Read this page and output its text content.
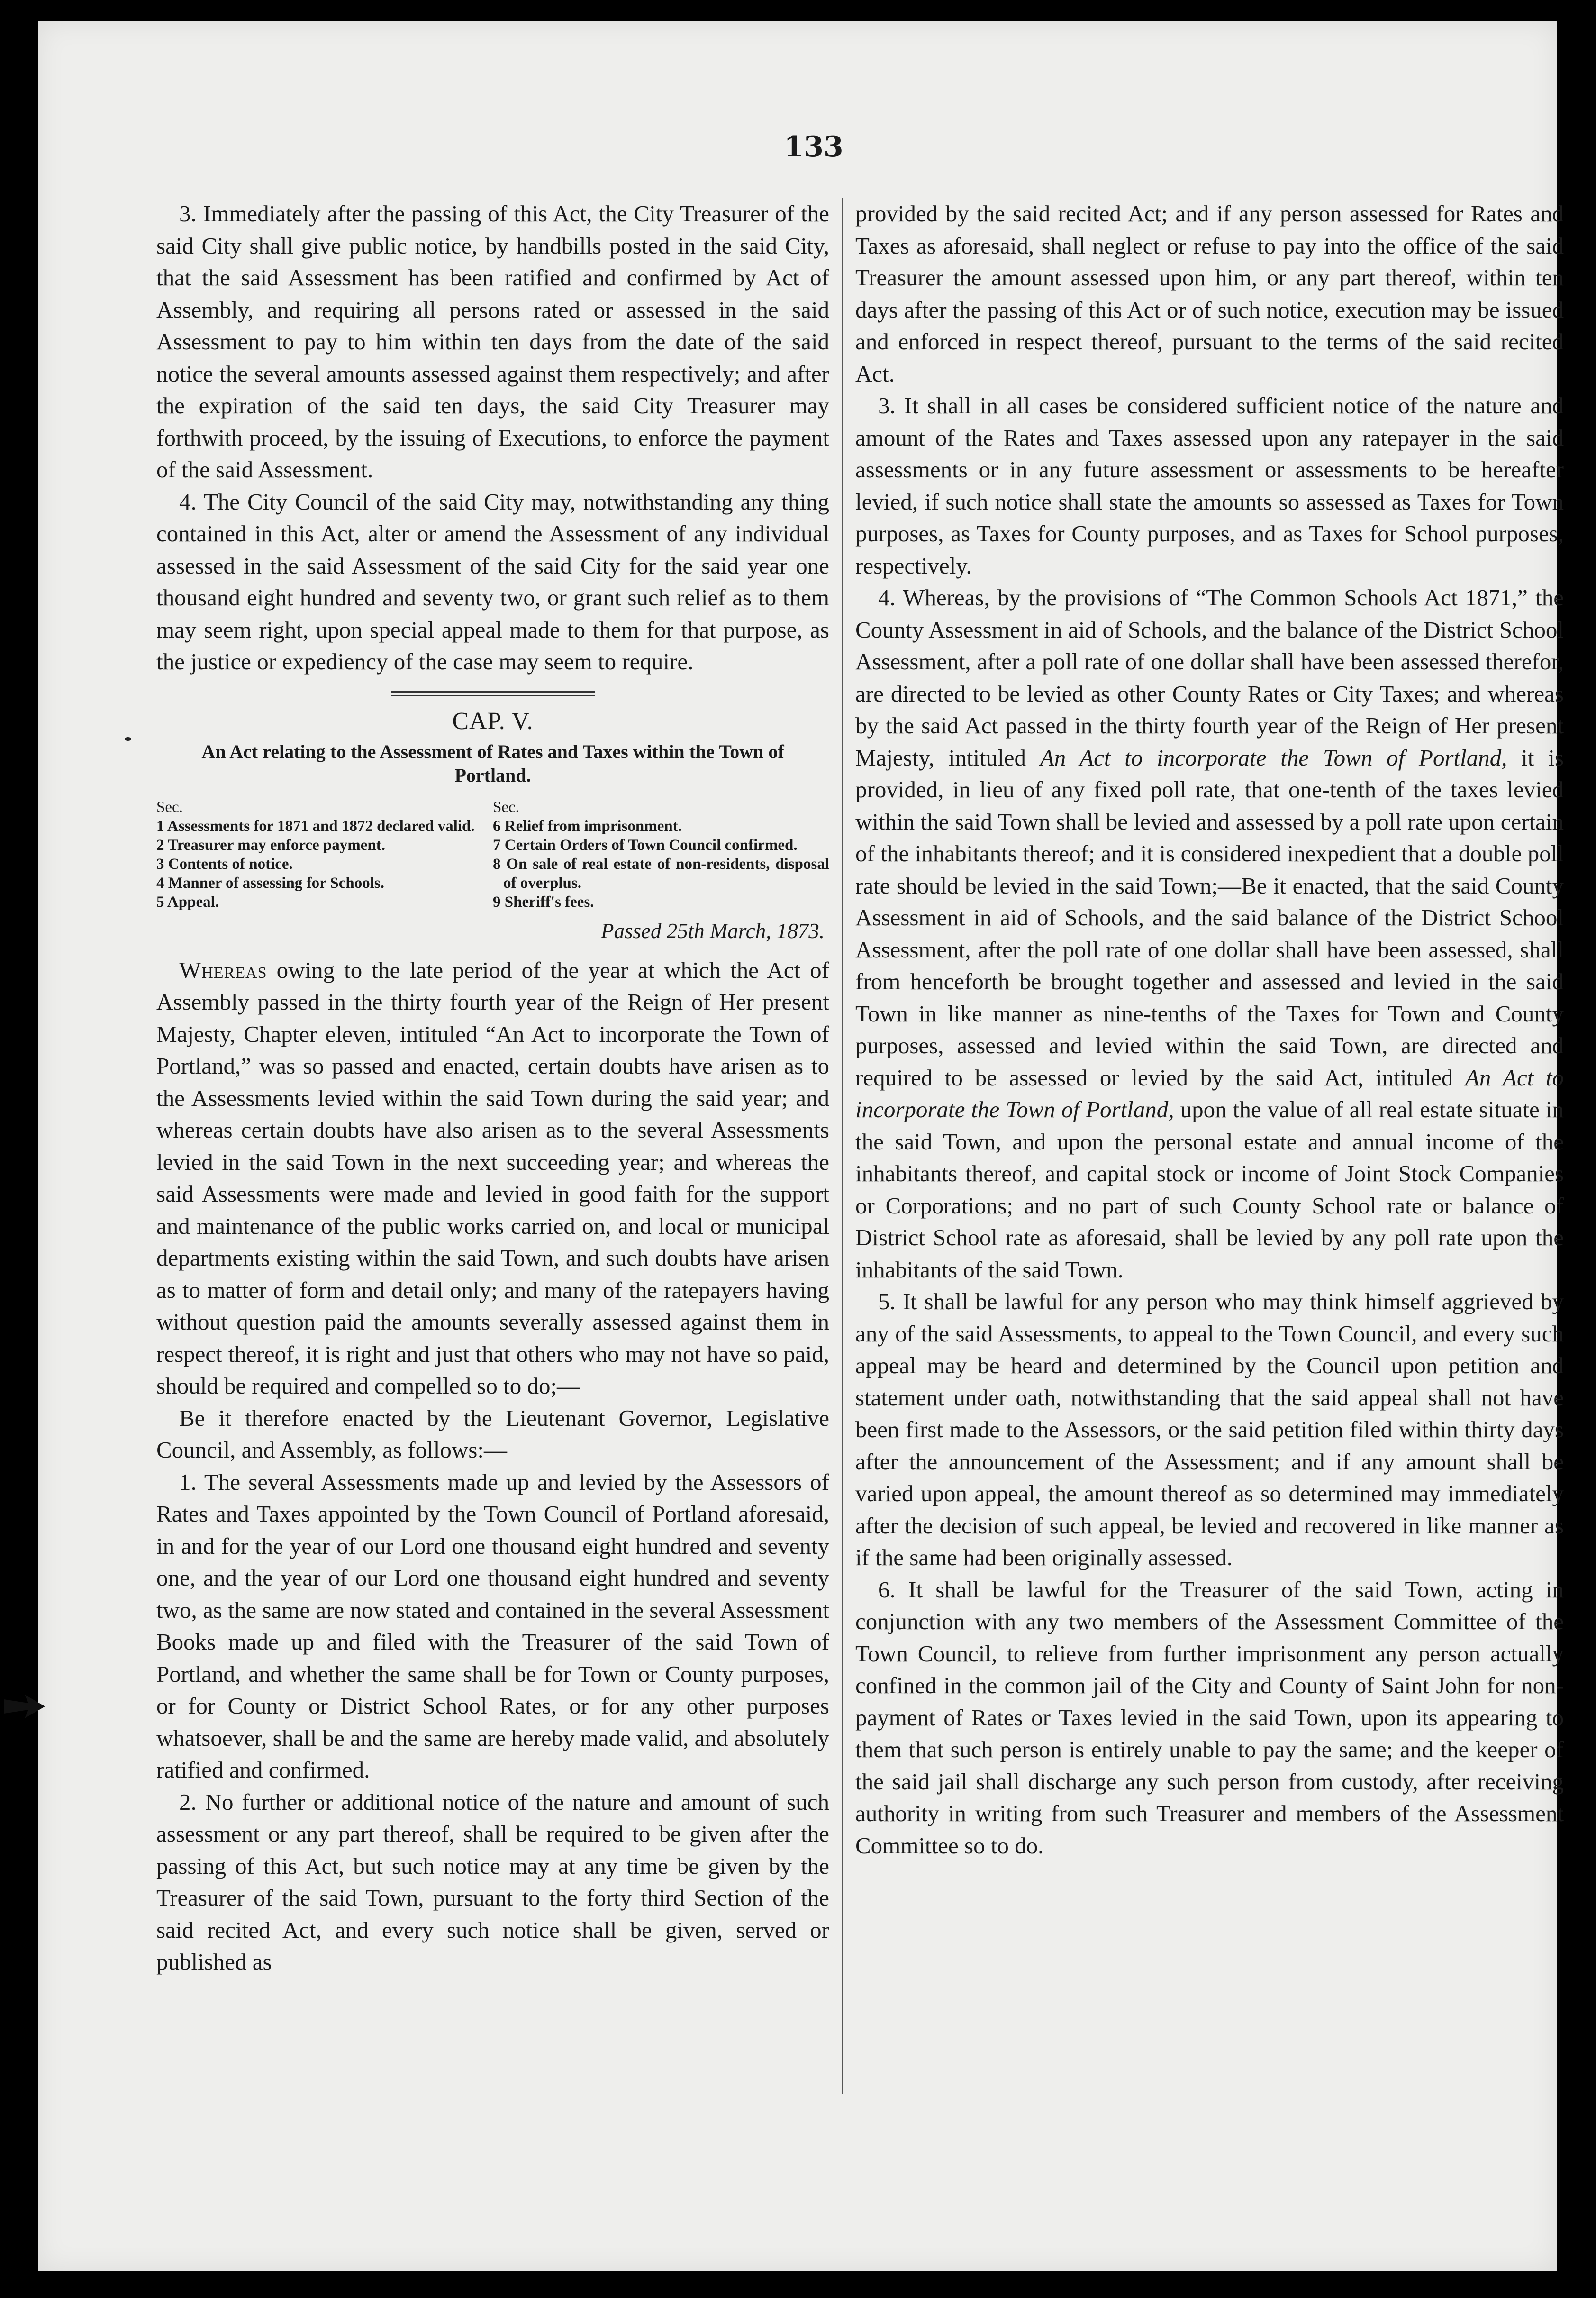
133

3. Immediately after the passing of this Act, the City Treasurer of the said City shall give public notice, by handbills posted in the said City, that the said Assessment has been ratified and confirmed by Act of Assembly, and requiring all persons rated or assessed in the said Assessment to pay to him within ten days from the date of the said notice the several amounts assessed against them respectively; and after the expiration of the said ten days, the said City Treasurer may forthwith proceed, by the issuing of Executions, to enforce the payment of the said Assessment.

4. The City Council of the said City may, notwithstanding any thing contained in this Act, alter or amend the Assessment of any individual assessed in the said Assessment of the said City for the said year one thousand eight hundred and seventy two, or grant such relief as to them may seem right, upon special appeal made to them for that purpose, as the justice or expediency of the case may seem to require.

CAP. V.
An Act relating to the Assessment of Rates and Taxes within the Town of Portland.
Sec.
1 Assessments for 1871 and 1872 declared valid.
2 Treasurer may enforce payment.
3 Contents of notice.
4 Manner of assessing for Schools.
5 Appeal.
Sec.
6 Relief from imprisonment.
7 Certain Orders of Town Council confirmed.
8 On sale of real estate of non-residents, disposal of overplus.
9 Sheriff's fees.
Passed 25th March, 1873.

Whereas owing to the late period of the year at which the Act of Assembly passed in the thirty fourth year of the Reign of Her present Majesty, Chapter eleven, intituled “An Act to incorporate the Town of Portland,” was so passed and enacted, certain doubts have arisen as to the Assessments levied within the said Town during the said year; and whereas certain doubts have also arisen as to the several Assessments levied in the said Town in the next succeeding year; and whereas the said Assessments were made and levied in good faith for the support and maintenance of the public works carried on, and local or municipal departments existing within the said Town, and such doubts have arisen as to matter of form and detail only; and many of the ratepayers having without question paid the amounts severally assessed against them in respect thereof, it is right and just that others who may not have so paid, should be required and compelled so to do;—

Be it therefore enacted by the Lieutenant Governor, Legislative Council, and Assembly, as follows:—

1. The several Assessments made up and levied by the Assessors of Rates and Taxes appointed by the Town Council of Portland aforesaid, in and for the year of our Lord one thousand eight hundred and seventy one, and the year of our Lord one thousand eight hundred and seventy two, as the same are now stated and contained in the several Assessment Books made up and filed with the Treasurer of the said Town of Portland, and whether the same shall be for Town or County purposes, or for County or District School Rates, or for any other purposes whatsoever, shall be and the same are hereby made valid, and absolutely ratified and confirmed.

2. No further or additional notice of the nature and amount of such assessment or any part thereof, shall be required to be given after the passing of this Act, but such notice may at any time be given by the Treasurer of the said Town, pursuant to the forty third Section of the said recited Act, and every such notice shall be given, served or published as

provided by the said recited Act; and if any person assessed for Rates and Taxes as aforesaid, shall neglect or refuse to pay into the office of the said Treasurer the amount assessed upon him, or any part thereof, within ten days after the passing of this Act or of such notice, execution may be issued and enforced in respect thereof, pursuant to the terms of the said recited Act.

3. It shall in all cases be considered sufficient notice of the nature and amount of the Rates and Taxes assessed upon any ratepayer in the said assessments or in any future assessment or assessments to be hereafter levied, if such notice shall state the amounts so assessed as Taxes for Town purposes, as Taxes for County purposes, and as Taxes for School purposes, respectively.

4. Whereas, by the provisions of “The Common Schools Act 1871,” the County Assessment in aid of Schools, and the balance of the District School Assessment, after a poll rate of one dollar shall have been assessed therefor, are directed to be levied as other County Rates or City Taxes; and whereas by the said Act passed in the thirty fourth year of the Reign of Her present Majesty, intituled An Act to incorporate the Town of Portland, it is provided, in lieu of any fixed poll rate, that one-tenth of the taxes levied within the said Town shall be levied and assessed by a poll rate upon certain of the inhabitants thereof; and it is considered inexpedient that a double poll rate should be levied in the said Town;—Be it enacted, that the said County Assessment in aid of Schools, and the said balance of the District School Assessment, after the poll rate of one dollar shall have been assessed, shall from henceforth be brought together and assessed and levied in the said Town in like manner as nine-tenths of the Taxes for Town and County purposes, assessed and levied within the said Town, are directed and required to be assessed or levied by the said Act, intituled An Act to incorporate the Town of Portland, upon the value of all real estate situate in the said Town, and upon the personal estate and annual income of the inhabitants thereof, and capital stock or income of Joint Stock Companies or Corporations; and no part of such County School rate or balance of District School rate as aforesaid, shall be levied by any poll rate upon the inhabitants of the said Town.

5. It shall be lawful for any person who may think himself aggrieved by any of the said Assessments, to appeal to the Town Council, and every such appeal may be heard and determined by the Council upon petition and statement under oath, notwithstanding that the said appeal shall not have been first made to the Assessors, or the said petition filed within thirty days after the announcement of the Assessment; and if any amount shall be varied upon appeal, the amount thereof as so determined may immediately after the decision of such appeal, be levied and recovered in like manner as if the same had been originally assessed.

6. It shall be lawful for the Treasurer of the said Town, acting in conjunction with any two members of the Assessment Committee of the Town Council, to relieve from further imprisonment any person actually confined in the common jail of the City and County of Saint John for non-payment of Rates or Taxes levied in the said Town, upon its appearing to them that such person is entirely unable to pay the same; and the keeper of the said jail shall discharge any such person from custody, after receiving authority in writing from such Treasurer and members of the Assessment Committee so to do.
